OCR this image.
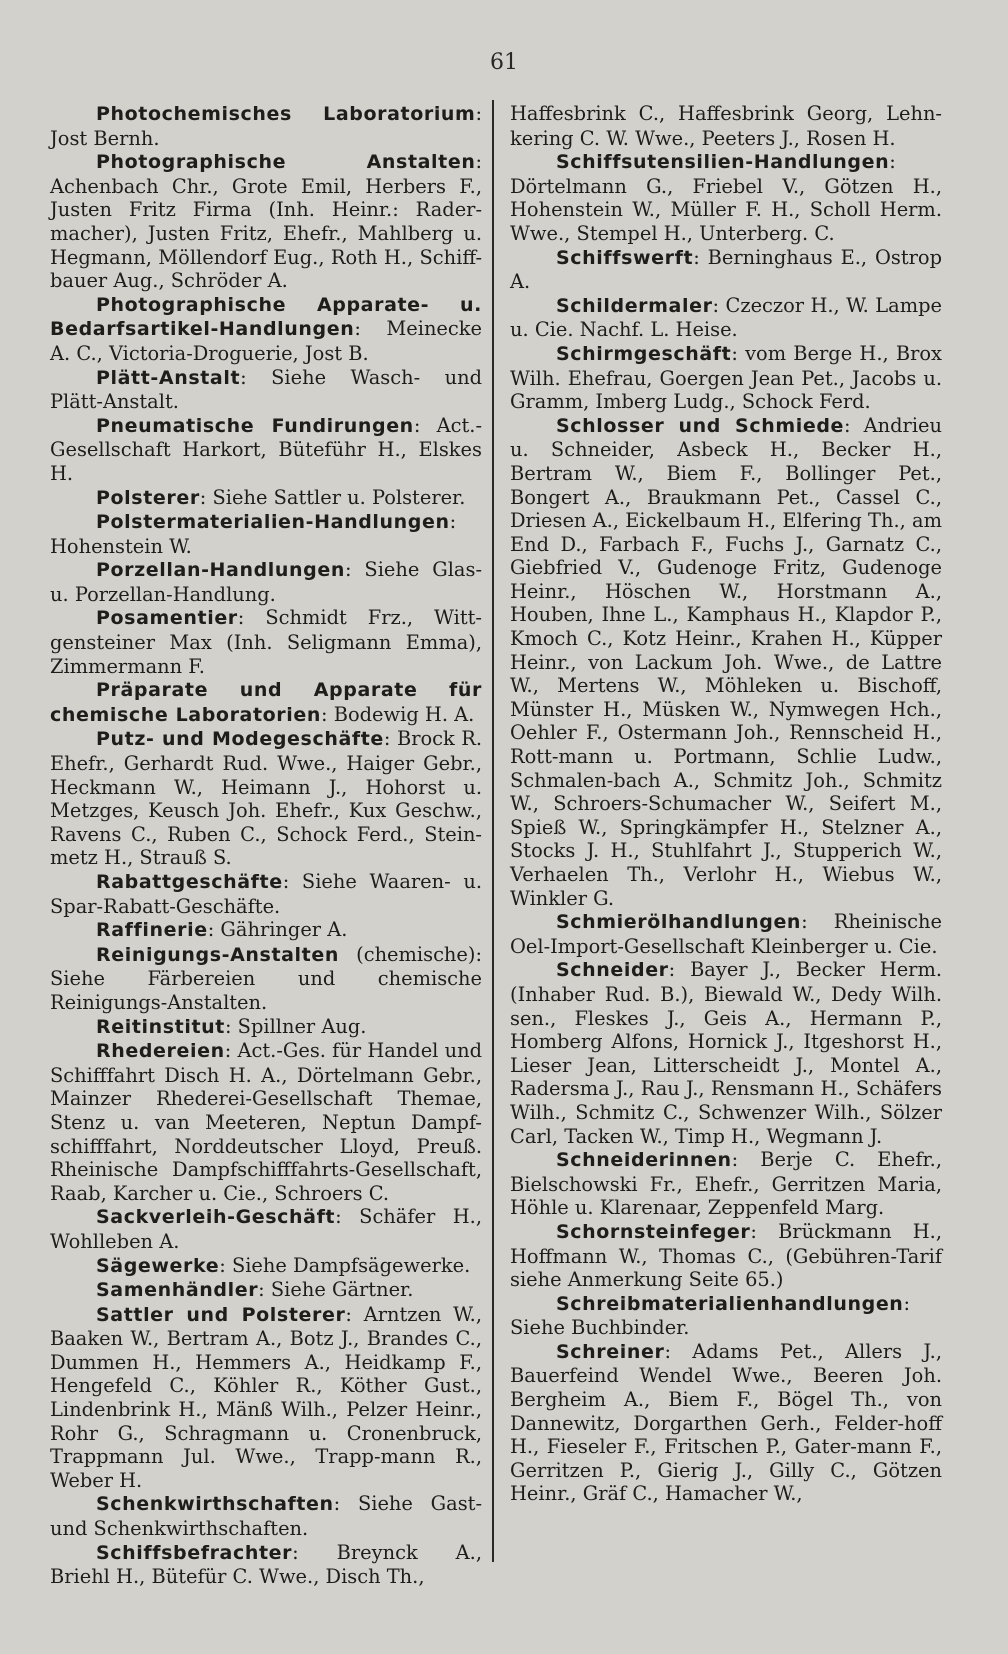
61

Photochemisches Laboratorium: Jost Bernh.

Photographische Anstalten: Achenbach Chr., Grote Emil, Herbers F., Justen Fritz Firma (Inh. Heinr.: Rader-macher), Justen Fritz, Ehefr., Mahlberg u. Hegmann, Möllendorf Eug., Roth H., Schiff-bauer Aug., Schröder A.

Photographische Apparate- u. Bedarfsartikel-Handlungen: Meinecke A. C., Victoria-Droguerie, Jost B.

Plätt-Anstalt: Siehe Wasch- und Plätt-Anstalt.

Pneumatische Fundirungen: Act.-Gesellschaft Harkort, Büteführ H., Elskes H.

Polsterer: Siehe Sattler u. Polsterer.

Polstermaterialien-Handlungen: Hohenstein W.

Porzellan-Handlungen: Siehe Glas- u. Porzellan-Handlung.

Posamentier: Schmidt Frz., Witt-gensteiner Max (Inh. Seligmann Emma), Zimmermann F.

Präparate und Apparate für chemische Laboratorien: Bodewig H. A.

Putz- und Modegeschäfte: Brock R. Ehefr., Gerhardt Rud. Wwe., Haiger Gebr., Heckmann W., Heimann J., Hohorst u. Metzges, Keusch Joh. Ehefr., Kux Geschw., Ravens C., Ruben C., Schock Ferd., Stein-metz H., Strauß S.

Rabattgeschäfte: Siehe Waaren- u. Spar-Rabatt-Geschäfte.

Raffinerie: Gähringer A.

Reinigungs-Anstalten (chemische): Siehe Färbereien und chemische Reinigungs-Anstalten.

Reitinstitut: Spillner Aug.

Rhedereien: Act.-Ges. für Handel und Schifffahrt Disch H. A., Dörtelmann Gebr., Mainzer Rhederei-Gesellschaft Themae, Stenz u. van Meeteren, Neptun Dampf-schifffahrt, Norddeutscher Lloyd, Preuß. Rheinische Dampfschifffahrts-Gesellschaft, Raab, Karcher u. Cie., Schroers C.

Sackverleih-Geschäft: Schäfer H., Wohlleben A.

Sägewerke: Siehe Dampfsägewerke.

Samenhändler: Siehe Gärtner.

Sattler und Polsterer: Arntzen W., Baaken W., Bertram A., Botz J., Brandes C., Dummen H., Hemmers A., Heidkamp F., Hengefeld C., Köhler R., Köther Gust., Lindenbrink H., Mänß Wilh., Pelzer Heinr., Rohr G., Schragmann u. Cronenbruck, Trappmann Jul. Wwe., Trapp-mann R., Weber H.

Schenkwirthschaften: Siehe Gast- und Schenkwirthschaften.

Schiffsbefrachter: Breynck A., Briehl H., Bütefür C. Wwe., Disch Th.,

Haffesbrink C., Haffesbrink Georg, Lehn-kering C. W. Wwe., Peeters J., Rosen H.

Schiffsutensilien-Handlungen: Dörtelmann G., Friebel V., Götzen H., Hohenstein W., Müller F. H., Scholl Herm. Wwe., Stempel H., Unterberg. C.

Schiffswerft: Berninghaus E., Ostrop A.

Schildermaler: Czeczor H., W. Lampe u. Cie. Nachf. L. Heise.

Schirmgeschäft: vom Berge H., Brox Wilh. Ehefrau, Goergen Jean Pet., Jacobs u. Gramm, Imberg Ludg., Schock Ferd.

Schlosser und Schmiede: Andrieu u. Schneider, Asbeck H., Becker H., Bertram W., Biem F., Bollinger Pet., Bongert A., Braukmann Pet., Cassel C., Driesen A., Eickelbaum H., Elfering Th., am End D., Farbach F., Fuchs J., Garnatz C., Giebfried V., Gudenoge Fritz, Gudenoge Heinr., Höschen W., Horstmann A., Houben, Ihne L., Kamphaus H., Klapdor P., Kmoch C., Kotz Heinr., Krahen H., Küpper Heinr., von Lackum Joh. Wwe., de Lattre W., Mertens W., Möhleken u. Bischoff, Münster H., Müsken W., Nymwegen Hch., Oehler F., Ostermann Joh., Rennscheid H., Rott-mann u. Portmann, Schlie Ludw., Schmalen-bach A., Schmitz Joh., Schmitz W., Schroers-Schumacher W., Seifert M., Spieß W., Springkämpfer H., Stelzner A., Stocks J. H., Stuhlfahrt J., Stupperich W., Verhaelen Th., Verlohr H., Wiebus W., Winkler G.

Schmierölhandlungen: Rheinische Oel-Import-Gesellschaft Kleinberger u. Cie.

Schneider: Bayer J., Becker Herm. (Inhaber Rud. B.), Biewald W., Dedy Wilh. sen., Fleskes J., Geis A., Hermann P., Homberg Alfons, Hornick J., Itgeshorst H., Lieser Jean, Litterscheidt J., Montel A., Radersma J., Rau J., Rensmann H., Schäfers Wilh., Schmitz C., Schwenzer Wilh., Sölzer Carl, Tacken W., Timp H., Wegmann J.

Schneiderinnen: Berje C. Ehefr., Bielschowski Fr., Ehefr., Gerritzen Maria, Höhle u. Klarenaar, Zeppenfeld Marg.

Schornsteinfeger: Brückmann H., Hoffmann W., Thomas C., (Gebühren-Tarif siehe Anmerkung Seite 65.)

Schreibmaterialienhandlungen: Siehe Buchbinder.

Schreiner: Adams Pet., Allers J., Bauerfeind Wendel Wwe., Beeren Joh. Bergheim A., Biem F., Bögel Th., von Dannewitz, Dorgarthen Gerh., Felder-hoff H., Fieseler F., Fritschen P., Gater-mann F., Gerritzen P., Gierig J., Gilly C., Götzen Heinr., Gräf C., Hamacher W.,
